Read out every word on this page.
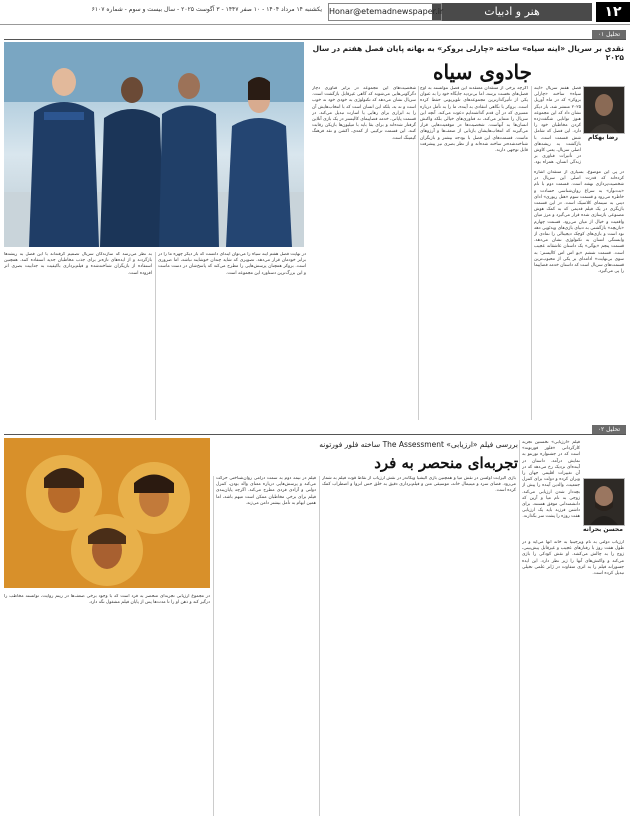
۱۲
هنر و ادبیات
Honar@etemadnewspaper.ir
یکشنبه ۱۴ مرداد ۱۴۰۴ - ۱۰ صفر ۱۴۴۷ - ۳ آگوست ۲۰۲۵ - سال بیست و سوم - شماره ۶۱۰۷
تحلیل ۰۱
نقدی بر سریال «اینه سیاه» ساخته «چارلی بروکر» به بهانه پایان فصل هفتم در سال ۲۰۲۵
جادوی سیاه
رضا بهکام
فصل هفتم سریال «آینه سیاه» ساخته «چارلی بروکر» که در ماه آوریل ۲۰۲۵ منتشر شد، بار دیگر نشان داد که این مجموعه هنوز توانایی شگفت‌زده کردن مخاطبان خود را دارد. این فصل که شامل شش قسمت است، با بازگشت به ریشه‌های اصلی سریال، یعنی کاوش در تأثیرات فناوری بر زندگی انسان، همراه بود.
در پی این موضوع، بسیاری از منتقدان اشاره کرده‌اند که قدرت اصلی این سریال در شخصیت‌پردازی نهفته است. قسمت دوم با نام «بت‌نوآر» به سراغ روان‌شناسی حسادت و خاطره می‌رود و قسمت سوم «هتل ریوری» ادای دینی به سینمای کلاسیک است. در این قسمت بازیگری در یک فیلم قدیمی که به کمک هوش مصنوعی بازسازی شده قرار می‌گیرد و مرز میان واقعیت و خیال از میان می‌رود. قسمت چهارم «بازیچه» بازگشتی به دنیای بازی‌های ویدئویی دهه نود است و بازی‌های کوچک دیجیتالی را نمادی از وابستگی انسان به تکنولوژی نشان می‌دهد. قسمت پنجم «یوگی» یک داستان عاشقانه عجیب است. قسمت ششم «یو اس اس کالیستر: به سوی بی‌نهایت» ادامه‌ای بر یکی از محبوب‌ترین قسمت‌های سریال است که داستان خدمه فضاپیما را پی می‌گیرد.
اگرچه برخی از منتقدان معتقدند این فصل نتوانسته به اوج فصل‌های نخست برسد، اما بی‌تردید جایگاه خود را به عنوان یکی از تأثیرگذارترین مجموعه‌های تلویزیونی حفظ کرده است. بروکر با نگاهی انتقادی به آینده، ما را به تأمل درباره مسیری که در آن قدم گذاشته‌ایم دعوت می‌کند. آنچه این سریال را متمایز می‌کند، نه فناوری‌های خیالی بلکه واکنش انسان‌ها به آنهاست. شخصیت‌ها در موقعیت‌هایی قرار می‌گیرند که انتخاب‌هایشان بازتابی از ضعف‌ها و آرزوهای ماست. قسمت‌های این فصل با بودجه بیشتر و بازیگران شناخته‌شده‌تر ساخته شده‌اند و از نظر بصری نیز پیشرفت قابل توجهی دارند.
شخصیت‌های این مجموعه در برابر فناوری دچار دگرگونی‌هایی می‌شوند که گاهی غیرقابل بازگشت است. سریال نشان می‌دهد که تکنولوژی به خودی خود نه خوب است و نه بد، بلکه این انسان است که با انتخاب‌هایش آن را به ابزاری برای رهایی یا اسارت تبدیل می‌کند. در قسمت پایانی، خدمه فضاپیمای کالیستر در یک بازی آنلاین گرفتار شده‌اند و برای بقا باید با میلیون‌ها بازیکن رقابت کنند. این قسمت ترکیبی از کمدی، اکشن و نقد فرهنگ گیمینگ است.
در نهایت فصل هفتم آینه سیاه را می‌توان آینه‌ای دانست که بار دیگر چهره ما را در برابر خودمان قرار می‌دهد. تصویری که شاید چندان خوشایند نباشد، اما ضروری است. بروکر همچنان پرسش‌هایی را مطرح می‌کند که پاسخ‌شان در دست ماست و این بزرگ‌ترین دستاورد این مجموعه است.
به نظر می‌رسد که سازندگان سریال تصمیم گرفته‌اند با این فصل به ریشه‌ها بازگردند و از ایده‌های تازه‌تر برای جذب مخاطبان جدید استفاده کنند. همچنین استفاده از بازیگران شناخته‌شده و فیلم‌برداری باکیفیت به جذابیت بصری اثر افزوده است.
تحلیل ۰۲
بررسی فیلم «ارزیابی» The Assessment ساخته فلور فورتونه
تجربه‌ای منحصر به فرد
محسن بحرانه
فیلم «ارزیابی» نخستین تجربه کارگردانی «فلور فورتونه» است که در جشنواره تورنتو به نمایش درآمد. داستان در آینده‌ای نزدیک رخ می‌دهد که در آن تغییرات اقلیمی جهان را ویران کرده و دولت برای کنترل جمعیت، والدین آینده را پیش از بچه‌دار شدن ارزیابی می‌کند. زوجی به نام میا و آرین که دانشمندانی موفق هستند، برای داشتن فرزند باید یک ارزیابی هفت روزه را پشت سر بگذارند.
ارزیاب دولتی به نام ویرجینیا به خانه آنها می‌آید و در طول هفت روز با رفتارهای عجیب و غیرقابل پیش‌بینی، زوج را به چالش می‌کشد. او نقش کودکی را بازی می‌کند و واکنش‌های آنها را زیر نظر دارد. این ایده جسورانه فیلم را به اثری متفاوت در ژانر علمی تخیلی تبدیل کرده است.
بازی الیزابت اولسن در نقش میا و همچنین بازی الیشیا ویکاندر در نقش ارزیاب از نقاط قوت فیلم به شمار می‌رود. فضای سرد و مینیمال خانه، موسیقی متن و فیلم‌برداری دقیق به خلق حس انزوا و اضطراب کمک کرده است.
فیلم در نیمه دوم به سمت درامی روان‌شناختی حرکت می‌کند و پرسش‌هایی درباره معنای والد بودن، کنترل دولتی و آزادی فردی مطرح می‌کند. اگرچه پایان‌بندی فیلم برای برخی مخاطبان ممکن است مبهم باشد، اما همین ابهام به تأمل بیشتر دامن می‌زند.
در مجموع ارزیابی تجربه‌ای منحصر به فرد است که با وجود برخی ضعف‌ها در ریتم روایت، توانسته مخاطب را درگیر کند و ذهن او را تا مدت‌ها پس از پایان فیلم مشغول نگه دارد.
